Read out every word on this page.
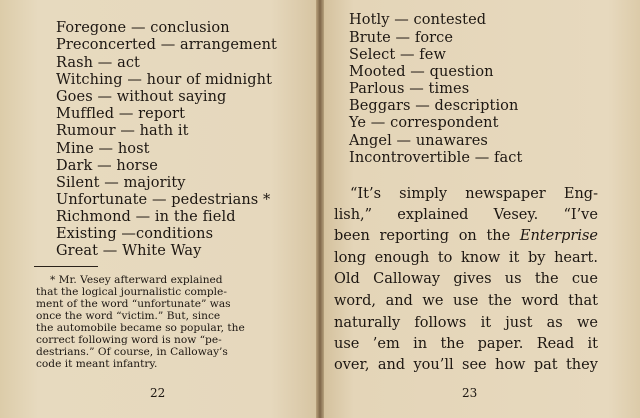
Foregone — conclusion
Preconcerted — arrangement
Rash — act
Witching — hour of midnight
Goes — without saying
Muffled — report
Rumour — hath it
Mine — host
Dark — horse
Silent — majority
Unfortunate — pedestrians *
Richmond — in the field
Existing —conditions
Great — White Way
* Mr. Vesey afterward explained
that the logical journalistic comple-
ment of the word “unfortunate” was
once the word “victim.” But, since
the automobile became so popular, the
correct following word is now “pe-
destrians.” Of course, in Calloway’s
code it meant infantry.
22
Hotly — contested
Brute — force
Select — few
Mooted — question
Parlous — times
Beggars — description
Ye — correspondent
Angel — unawares
Incontrovertible — fact
“It’s simply newspaper Eng-
lish,” explained Vesey. “I’ve
been reporting on the Enterprise
long enough to know it by heart.
Old Calloway gives us the cue
word, and we use the word that
naturally follows it just as we
use ’em in the paper. Read it
over, and you’ll see how pat they
23
